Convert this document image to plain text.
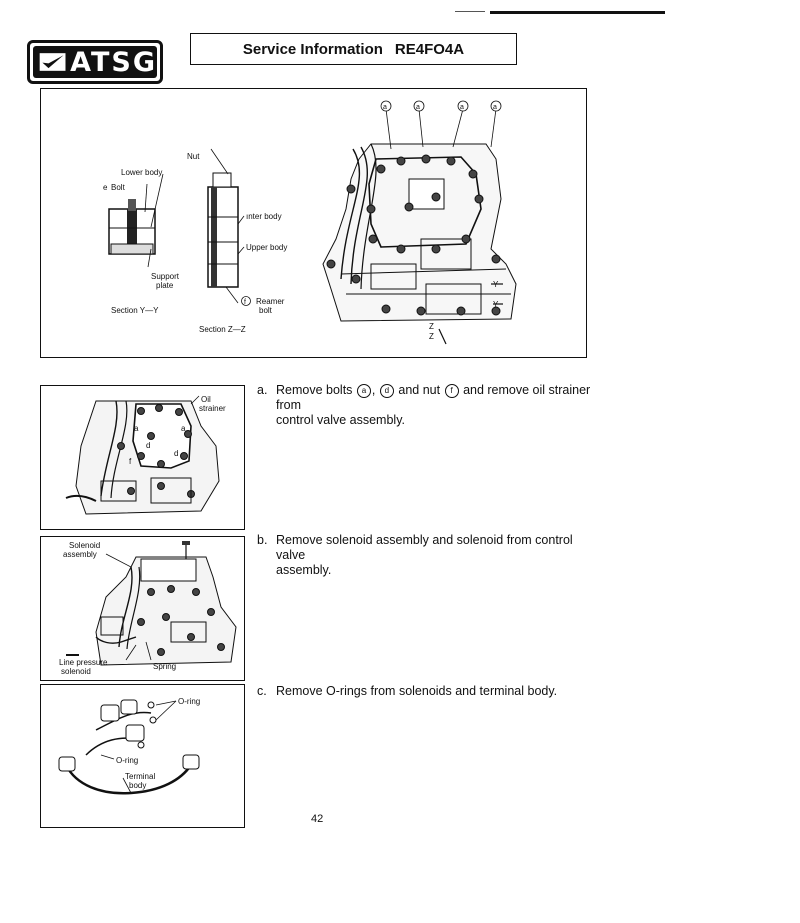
ATSG	Service Information RE4FO4A
a	a	a	a
Nut
Lower body
e Bolt
ınter body
Upper body
Support
plate
f Reamer
bolt
Section Y—Y
Section Z—Z
Y
Y
Z
Z
Oil
strainer
a	a
d
d
f
Solenoid
assembly
Line pressure
solenoid
Spring
O-ring
O-ring
Terminal
body
a. Remove bolts a , d and nut f and remove oil strainer from
control valve assembly.
b. Remove solenoid assembly and solenoid from control valve
assembly.
c. Remove O-rings from solenoids and terminal body.
42
